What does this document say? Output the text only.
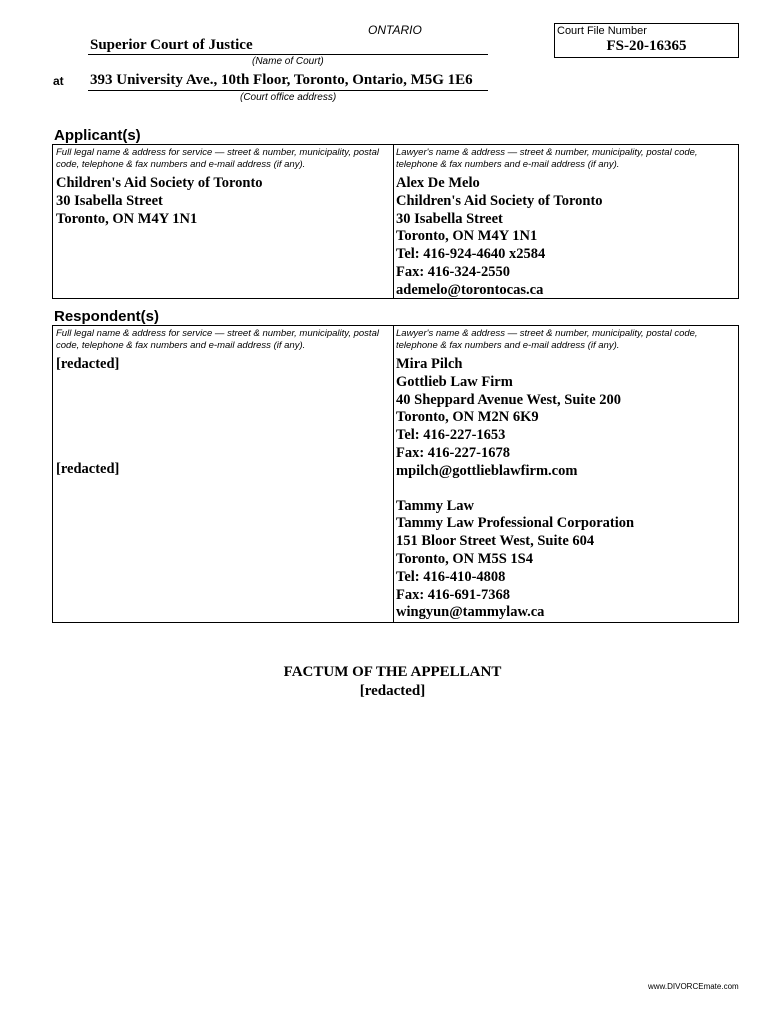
ONTARIO
Superior Court of Justice
(Name of Court)
at 393 University Ave., 10th Floor, Toronto, Ontario, M5G 1E6
(Court office address)
Court File Number
FS-20-16365
Applicant(s)
Full legal name & address for service — street & number, municipality, postal code, telephone & fax numbers and e-mail address (if any).
Children's Aid Society of Toronto
30 Isabella Street
Toronto, ON M4Y 1N1
Lawyer's name & address — street & number, municipality, postal code, telephone & fax numbers and e-mail address (if any).
Alex De Melo
Children's Aid Society of Toronto
30 Isabella Street
Toronto, ON M4Y 1N1
Tel: 416-924-4640 x2584
Fax: 416-324-2550
ademelo@torontocas.ca
Respondent(s)
Full legal name & address for service — street & number, municipality, postal code, telephone & fax numbers and e-mail address (if any).
[redacted]
[redacted]
Lawyer's name & address — street & number, municipality, postal code, telephone & fax numbers and e-mail address (if any).
Mira Pilch
Gottlieb Law Firm
40 Sheppard Avenue West, Suite 200
Toronto, ON M2N 6K9
Tel: 416-227-1653
Fax: 416-227-1678
mpilch@gottlieblawfirm.com
Tammy Law
Tammy Law Professional Corporation
151 Bloor Street West, Suite 604
Toronto, ON M5S 1S4
Tel: 416-410-4808
Fax: 416-691-7368
wingyun@tammylaw.ca
FACTUM OF THE APPELLANT
[redacted]
www.DIVORCEmate.com
